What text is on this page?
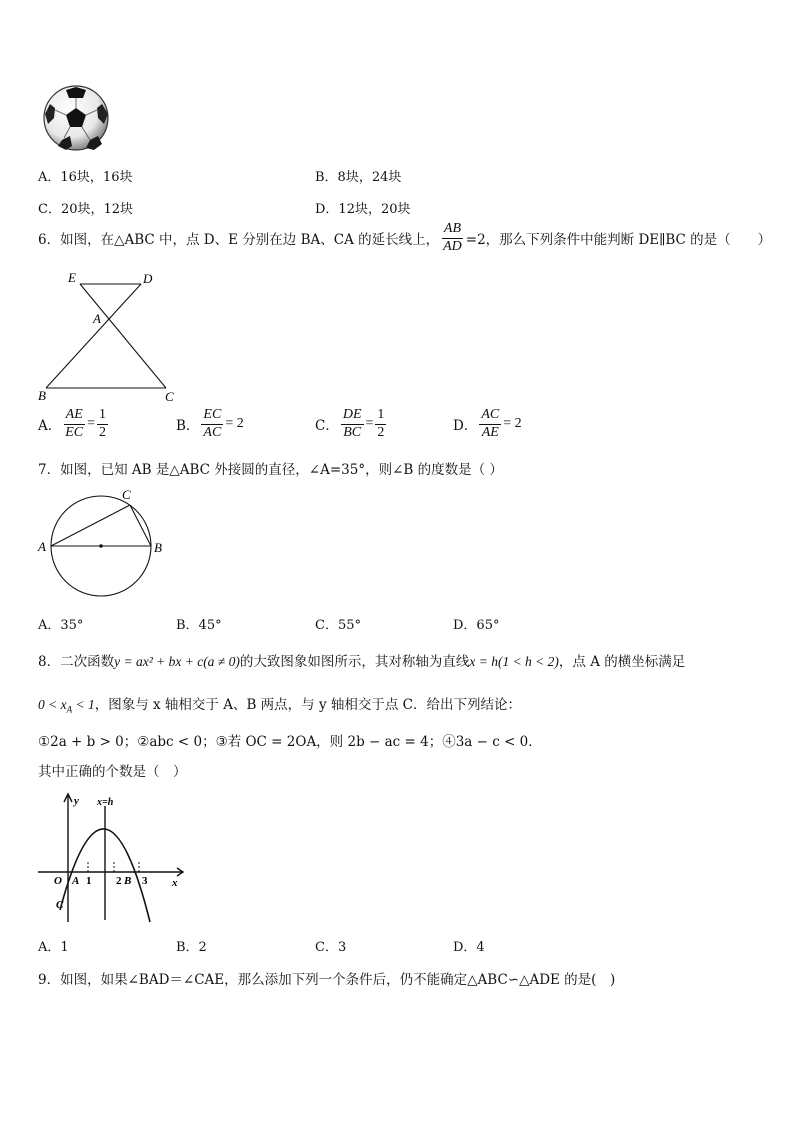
A．16块，16块	B．8块，24块
C．20块，12块	D．12块，20块
6．如图，在△ABC 中，点 D、E 分别在边 BA、CA 的延长线上， $\frac{AB}{AD} =2$，那么下列条件中能判断 DE∥BC 的是（　　）
E	D
A
B	C
A． $\frac{AE}{EC} = \frac{1}{2}$	B． $\frac{EC}{AC} = 2$	C． $\frac{DE}{BC} = \frac{1}{2}$	D． $\frac{AC}{AE} = 2$
7．如图，已知 AB 是△ABC 外接圆的直径，∠A=35°，则∠B 的度数是（ ）
A	B
C
A．35°	B．45°	C．55°	D．65°
8．二次函数y = ax² + bx + c(a ≠ 0)的大致图象如图所示，其对称轴为直线x = h(1 < h < 2)，点 A 的横坐标满足
$0 < x_A < 1$，图象与 x 轴相交于 A、B 两点，与 y 轴相交于点 C．给出下列结论：
①2a + b > 0；②abc < 0；③若 OC = 2OA，则 2b − ac = 4；④3a − c < 0．
其中正确的个数是（　）
y x=h
x
O A 1 2 B 3
C
A．1	B．2	C．3	D．4
9．如图，如果∠BAD＝∠CAE，那么添加下列一个条件后，仍不能确定△ABC∽△ADE 的是(　)
